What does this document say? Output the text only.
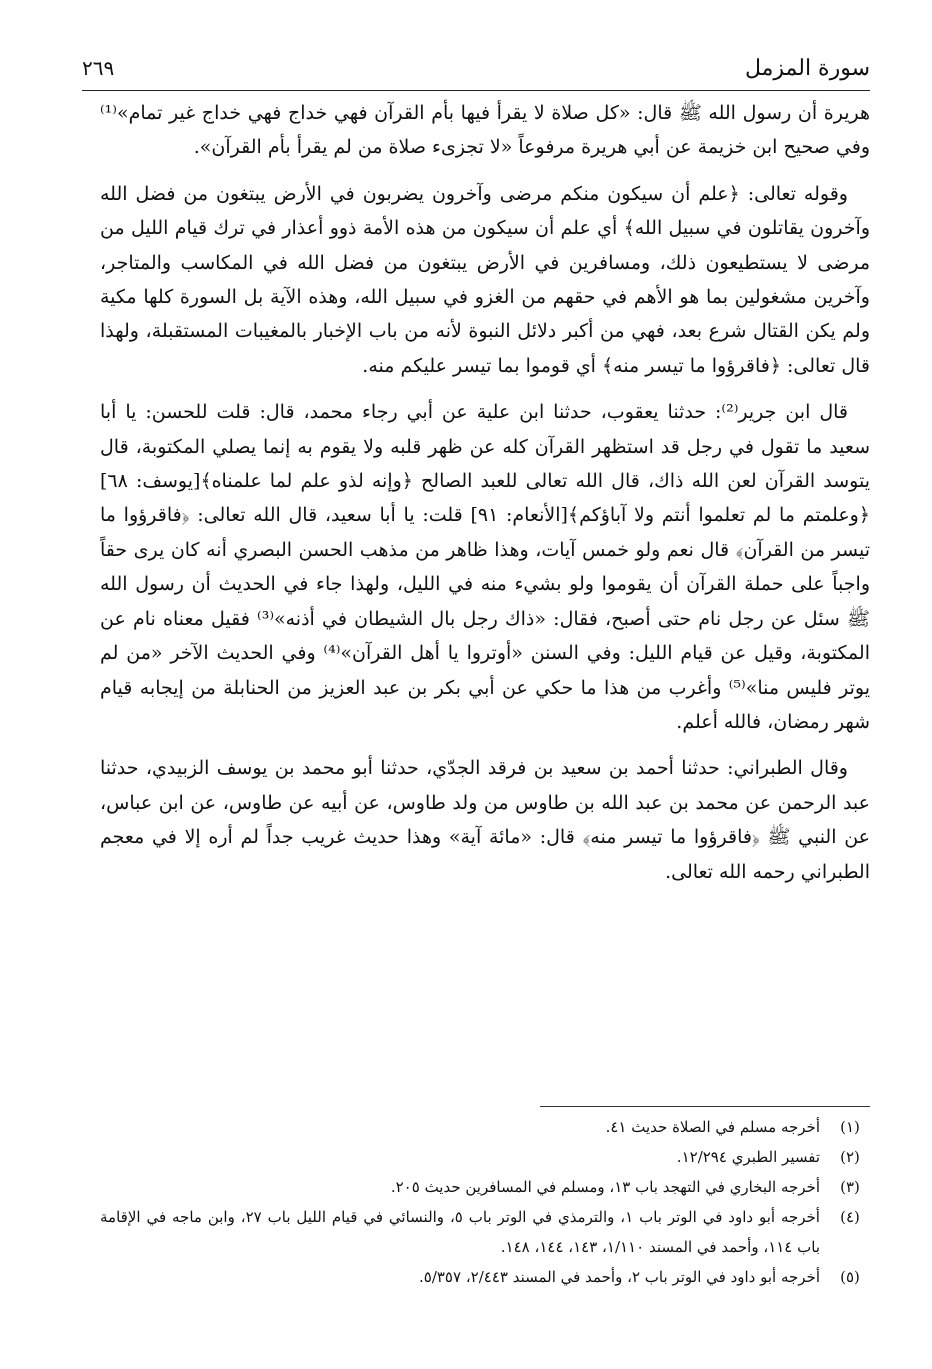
سورة المزمل
٢٦٩

هريرة أن رسول الله ﷺ قال: «كل صلاة لا يقرأ فيها بأم القرآن فهي خداج فهي خداج غير تمام»⁽¹⁾ وفي صحيح ابن خزيمة عن أبي هريرة مرفوعاً «لا تجزىء صلاة من لم يقرأ بأم القرآن».

وقوله تعالى: ﴿علم أن سيكون منكم مرضى وآخرون يضربون في الأرض يبتغون من فضل الله وآخرون يقاتلون في سبيل الله﴾ أي علم أن سيكون من هذه الأمة ذوو أعذار في ترك قيام الليل من مرضى لا يستطيعون ذلك، ومسافرين في الأرض يبتغون من فضل الله في المكاسب والمتاجر، وآخرين مشغولين بما هو الأهم في حقهم من الغزو في سبيل الله، وهذه الآية بل السورة كلها مكية ولم يكن القتال شرع بعد، فهي من أكبر دلائل النبوة لأنه من باب الإخبار بالمغيبات المستقبلة، ولهذا قال تعالى: ﴿فاقرؤوا ما تيسر منه﴾ أي قوموا بما تيسر عليكم منه.

قال ابن جرير⁽²⁾: حدثنا يعقوب، حدثنا ابن علية عن أبي رجاء محمد، قال: قلت للحسن: يا أبا سعيد ما تقول في رجل قد استظهر القرآن كله عن ظهر قلبه ولا يقوم به إنما يصلي المكتوبة، قال يتوسد القرآن لعن الله ذاك، قال الله تعالى للعبد الصالح ﴿وإنه لذو علم لما علمناه﴾[يوسف: ٦٨] ﴿وعلمتم ما لم تعلموا أنتم ولا آباؤكم﴾[الأنعام: ٩١] قلت: يا أبا سعيد، قال الله تعالى: ﴿فاقرؤوا ما تيسر من القرآن﴾ قال نعم ولو خمس آيات، وهذا ظاهر من مذهب الحسن البصري أنه كان يرى حقاً واجباً على حملة القرآن أن يقوموا ولو بشيء منه في الليل، ولهذا جاء في الحديث أن رسول الله ﷺ سئل عن رجل نام حتى أصبح، فقال: «ذاك رجل بال الشيطان في أذنه»⁽³⁾ فقيل معناه نام عن المكتوبة، وقيل عن قيام الليل: وفي السنن «أوتروا يا أهل القرآن»⁽⁴⁾ وفي الحديث الآخر «من لم يوتر فليس منا»⁽⁵⁾ وأغرب من هذا ما حكي عن أبي بكر بن عبد العزيز من الحنابلة من إيجابه قيام شهر رمضان، فالله أعلم.

وقال الطبراني: حدثنا أحمد بن سعيد بن فرقد الجدّي، حدثنا أبو محمد بن يوسف الزبيدي، حدثنا عبد الرحمن عن محمد بن عبد الله بن طاوس من ولد طاوس، عن أبيه عن طاوس، عن ابن عباس، عن النبي ﷺ ﴿فاقرؤوا ما تيسر منه﴾ قال: «مائة آية» وهذا حديث غريب جداً لم أره إلا في معجم الطبراني رحمه الله تعالى.

(١)
أخرجه مسلم في الصلاة حديث ٤١.
(٢)
تفسير الطبري ١٢/٢٩٤.
(٣)
أخرجه البخاري في التهجد باب ١٣، ومسلم في المسافرين حديث ٢٠٥.
(٤)
أخرجه أبو داود في الوتر باب ١، والترمذي في الوتر باب ٥، والنسائي في قيام الليل باب ٢٧، وابن ماجه في الإقامة باب ١١٤، وأحمد في المسند ١/١١٠، ١٤٣، ١٤٤، ١٤٨.
(٥)
أخرجه أبو داود في الوتر باب ٢، وأحمد في المسند ٢/٤٤٣، ٥/٣٥٧.
